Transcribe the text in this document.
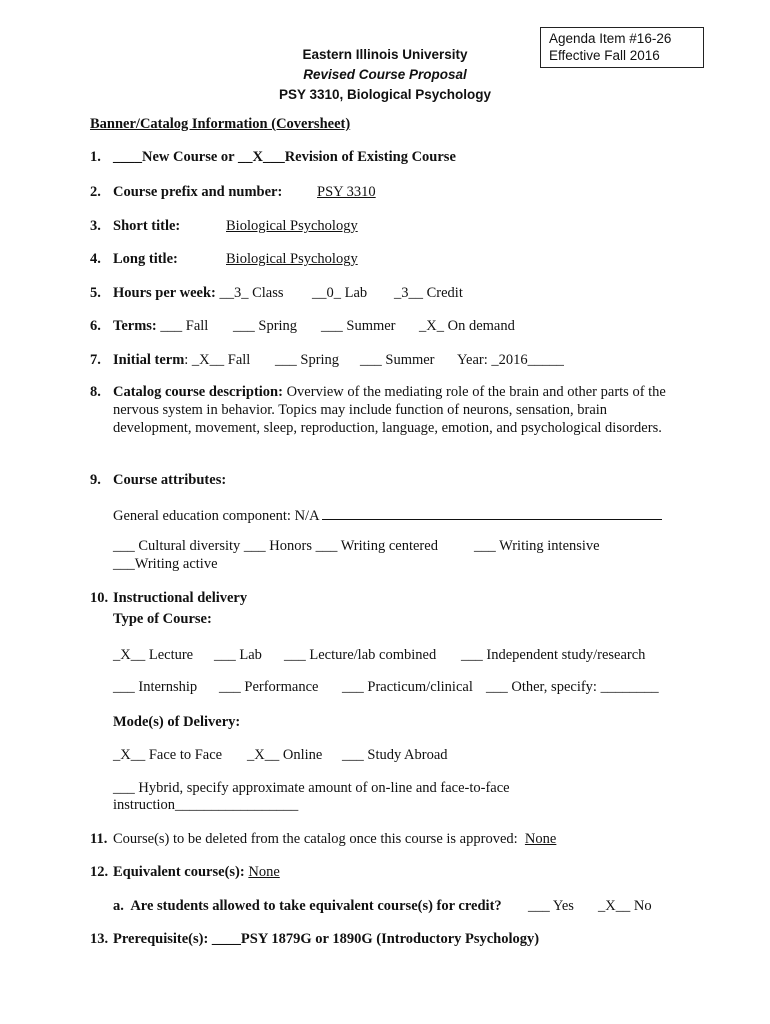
Agenda Item #16-26
Effective Fall 2016
Eastern Illinois University
Revised Course Proposal
PSY 3310, Biological Psychology
Banner/Catalog Information (Coversheet)
1. ____New Course or __X___Revision of Existing Course
2. Course prefix and number: PSY 3310
3. Short title:	Biological Psychology
4. Long title:	Biological Psychology
5. Hours per week: __3_ Class __0_ Lab _3__ Credit
6. Terms: ___ Fall ___ Spring ___ Summer _X_ On demand
7. Initial term: _X__ Fall ___ Spring ___ Summer Year: _2016_____
8. Catalog course description: Overview of the mediating role of the brain and other parts of the nervous system in behavior. Topics may include function of neurons, sensation, brain development, movement, sleep, reproduction, language, emotion, and psychological disorders.
9. Course attributes:
General education component: N/A
___ Cultural diversity ___ Honors ___ Writing centered ___ Writing intensive
___Writing active
10. Instructional delivery
Type of Course:
_X__ Lecture ___ Lab ___ Lecture/lab combined ___ Independent study/research
___ Internship ___ Performance ___ Practicum/clinical ___ Other, specify: ________
Mode(s) of Delivery:
_X__ Face to Face _X__ Online ___ Study Abroad
___ Hybrid, specify approximate amount of on-line and face-to-face
instruction_________________
11. Course(s) to be deleted from the catalog once this course is approved:  None
12. Equivalent course(s): None
a.  Are students allowed to take equivalent course(s) for credit? ___ Yes _X__ No
13. Prerequisite(s): ____PSY 1879G or 1890G (Introductory Psychology)
